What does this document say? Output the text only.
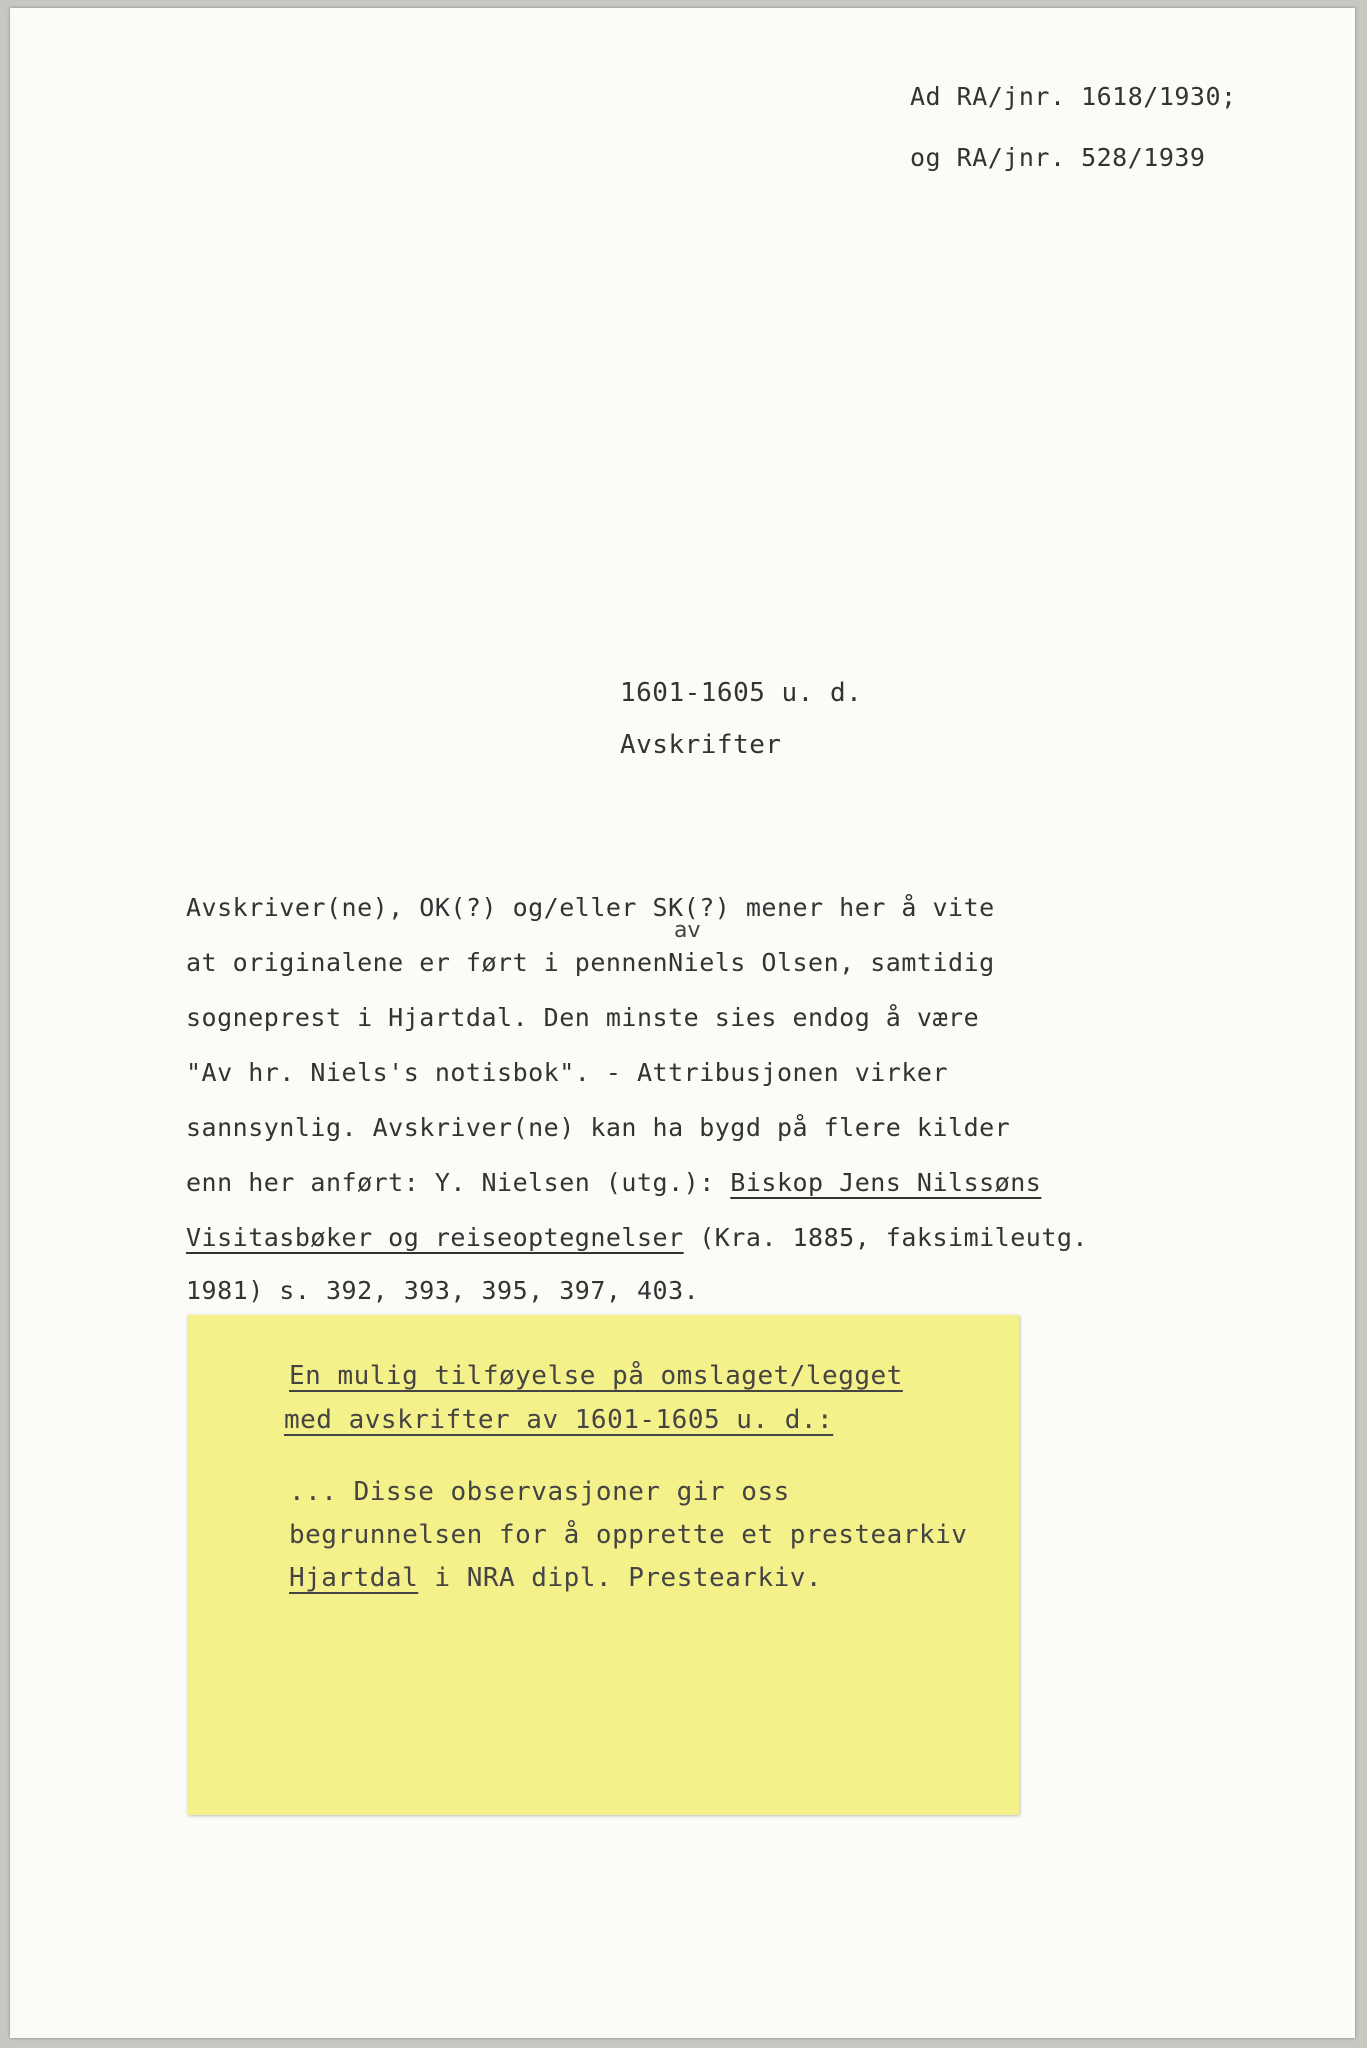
Ad RA/jnr. 1618/1930;
og RA/jnr. 528/1939
1601-1605 u. d.
Avskrifter
Avskriver(ne), OK(?) og/eller SK(?) mener her å vite
at originalene er ført i pennenNiels Olsen, samtidig
av
sogneprest i Hjartdal. Den minste sies endog å være
"Av hr. Niels's notisbok". - Attribusjonen virker
sannsynlig. Avskriver(ne) kan ha bygd på flere kilder
enn her anført: Y. Nielsen (utg.): Biskop Jens Nilssøns
Visitasbøker og reiseoptegnelser (Kra. 1885, faksimileutg.
1981) s. 392, 393, 395, 397, 403.
En mulig tilføyelse på omslaget/legget
med avskrifter av 1601-1605 u. d.:
... Disse observasjoner gir oss
begrunnelsen for å opprette et prestearkiv
Hjartdal i NRA dipl. Prestearkiv.
